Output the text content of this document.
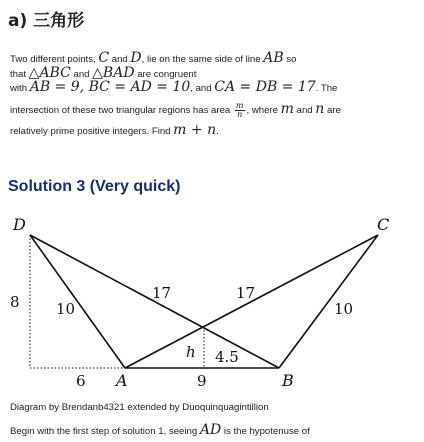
a) 三角形
Two different points, C and D, lie on the same side of line AB so
that △ABC and △BAD are congruent
with AB = 9, BC = AD = 10, and CA = DB = 17. The
intersection of these two triangular regions has area $\frac{m}{n}$ , where m and n are
relatively prime positive integers. Find m + n.
Solution 3 (Very quick)
D	C
A	B
17	17
10	10
8
6	9
h 4.5
Diagram by Brendanb4321 extended by Duoquinquagintillion
Begin with the first step of solution 1, seeing AD is the hypotenuse of
